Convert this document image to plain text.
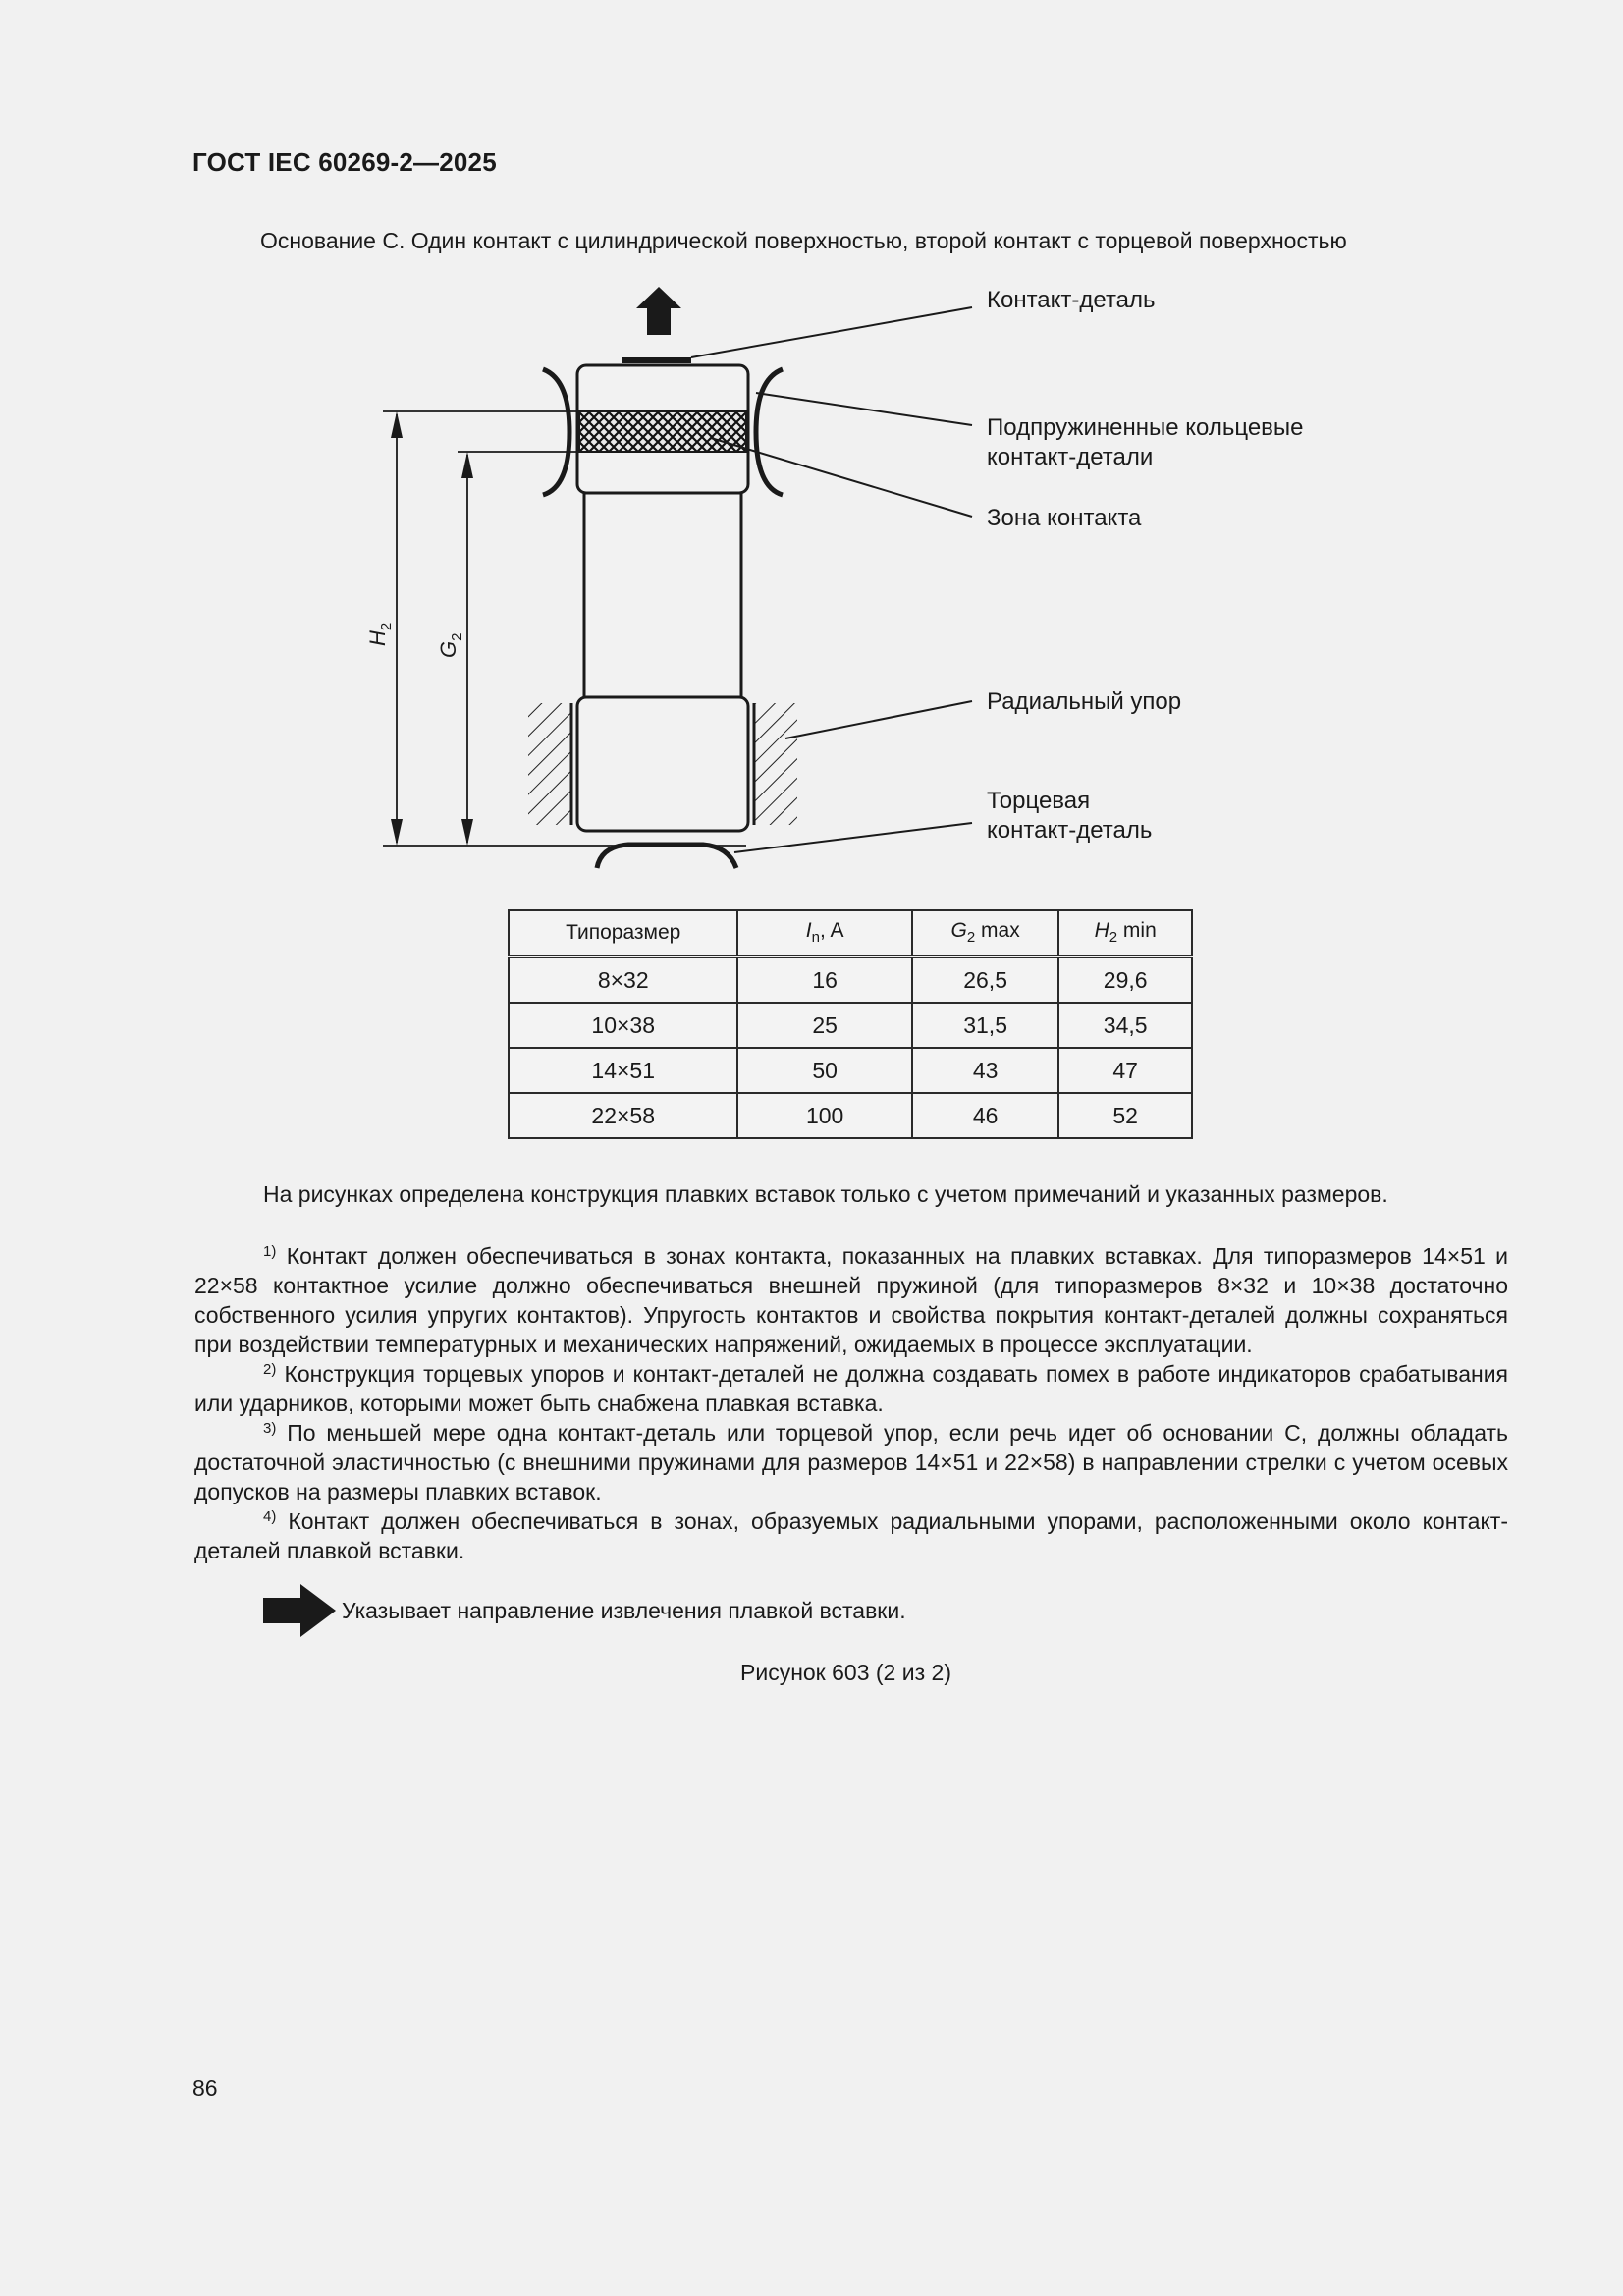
ГОСТ IEC 60269-2—2025
Основание С. Один контакт с цилиндрической поверхностью, второй контакт с торцевой поверхностью
$H_2$
$G_2$
Контакт-деталь
Подпружиненные кольцевые
контакт-детали
Зона контакта
Радиальный упор
Торцевая
контакт-деталь
Типоразмер	$I_n$, A	$G_2$ max	$H_2$ min
8×32	16	26,5	29,6
10×38	25	31,5	34,5
14×51	50	43	47
22×58	100	46	52
На рисунках определена конструкция плавких вставок только с учетом примечаний и указанных размеров.

$^{1)}$ Контакт должен обеспечиваться в зонах контакта, показанных на плавких вставках. Для типоразмеров 14×51 и 22×58 контактное усилие должно обеспечиваться внешней пружиной (для типоразмеров 8×32 и 10×38 достаточно собственного усилия упругих контактов). Упругость контактов и свойства покрытия контакт-деталей должны сохраняться при воздействии температурных и механических напряжений, ожидаемых в процессе эксплуатации.

$^{2)}$ Конструкция торцевых упоров и контакт-деталей не должна создавать помех в работе индикаторов срабатывания или ударников, которыми может быть снабжена плавкая вставка.

$^{3)}$ По меньшей мере одна контакт-деталь или торцевой упор, если речь идет об основании С, должны обладать достаточной эластичностью (с внешними пружинами для размеров 14×51 и 22×58) в направлении стрелки с учетом осевых допусков на размеры плавких вставок.

$^{4)}$ Контакт должен обеспечиваться в зонах, образуемых радиальными упорами, расположенными около контакт-деталей плавкой вставки.

Указывает направление извлечения плавкой вставки.
Рисунок 603 (2 из 2)
86
